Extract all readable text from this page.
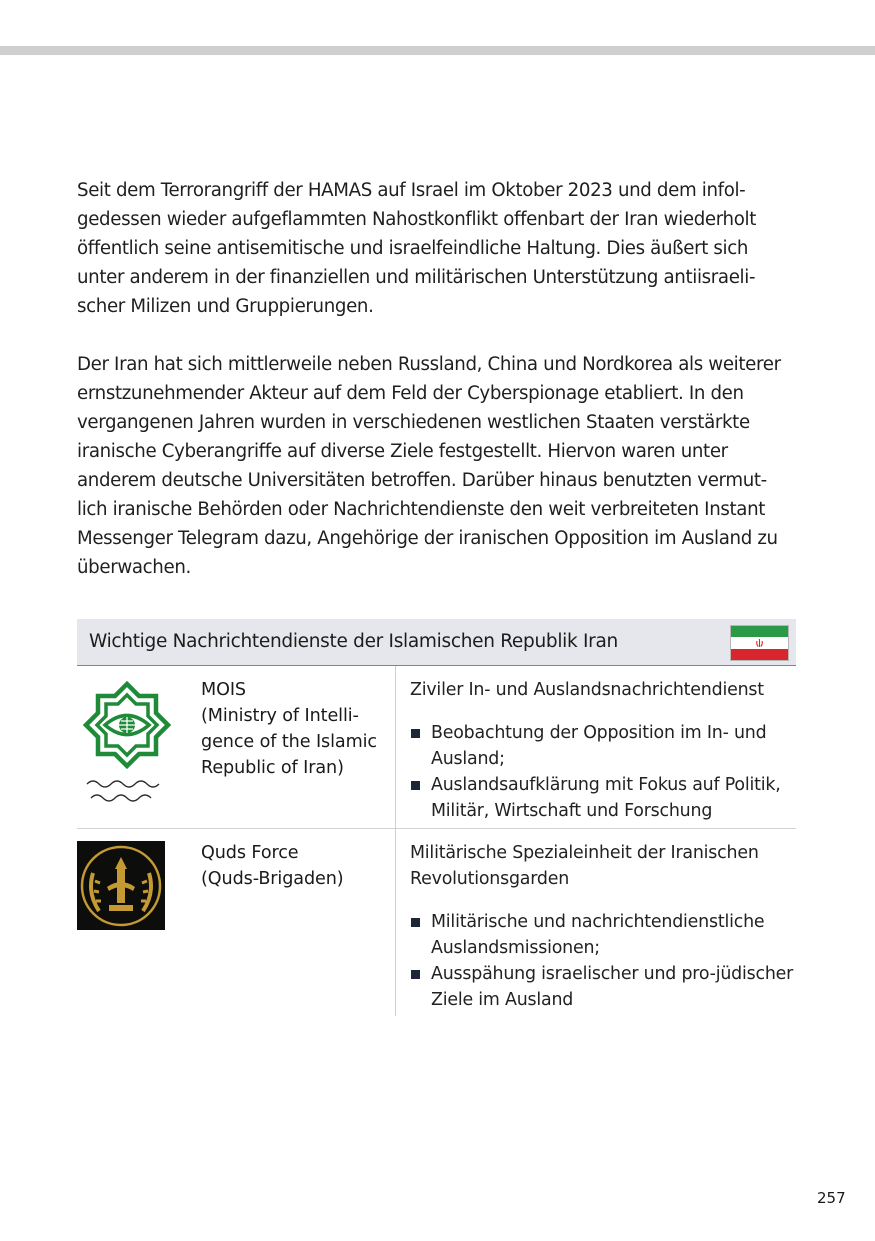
Seit dem Terrorangriff der HAMAS auf Israel im Oktober 2023 und dem infol-
gedessen wieder aufgeflammten Nahostkonflikt offenbart der Iran wiederholt
öffentlich seine antisemitische und israelfeindliche Haltung. Dies äußert sich
unter anderem in der finanziellen und militärischen Unterstützung antiisraeli-
scher Milizen und Gruppierungen.
Der Iran hat sich mittlerweile neben Russland, China und Nordkorea als weiterer
ernstzunehmender Akteur auf dem Feld der Cyberspionage etabliert. In den
vergangenen Jahren wurden in verschiedenen westlichen Staaten verstärkte
iranische Cyberangriffe auf diverse Ziele festgestellt. Hiervon waren unter
anderem deutsche Universitäten betroffen. Darüber hinaus benutzten vermut-
lich iranische Behörden oder Nachrichtendienste den weit verbreiteten Instant
Messenger Telegram dazu, Angehörige der iranischen Opposition im Ausland zu
überwachen.
Wichtige Nachrichtendienste der Islamischen Republik Iran
MOIS
(Ministry of Intelli-
gence of the Islamic
Republic of Iran)
Ziviler In- und Auslandsnachrichtendienst
Beobachtung der Opposition im In- und
Ausland;
Auslandsaufklärung mit Fokus auf Politik,
Militär, Wirtschaft und Forschung
Quds Force
(Quds-Brigaden)
Militärische Spezialeinheit der Iranischen
Revolutionsgarden
Militärische und nachrichtendienstliche
Auslandsmissionen;
Ausspähung israelischer und pro-jüdischer
Ziele im Ausland
257
